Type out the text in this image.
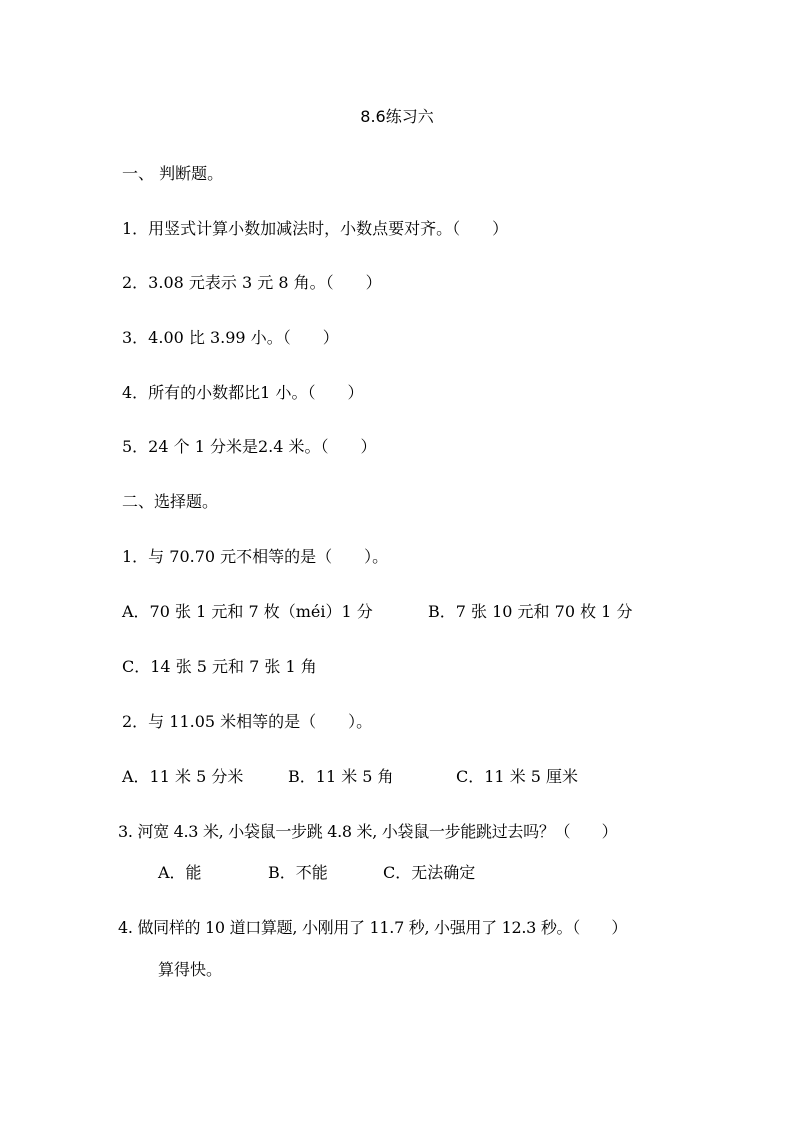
8.6练习六
一、 判断题。
1．用竖式计算小数加减法时，小数点要对齐。（　　）
2．3.08 元表示 3 元 8 角。（　　）
3．4.00 比 3.99 小。（　　）
4．所有的小数都比1 小。（　　）
5．24 个 1 分米是2.4 米。（　　）
二、选择题。
1．与 70.70 元不相等的是（　　）。
A．70 张 1 元和 7 枚（méi）1 分	B．7 张 10 元和 70 枚 1 分
C．14 张 5 元和 7 张 1 角
2．与 11.05 米相等的是（　　）。
A．11 米 5 分米	B．11 米 5 角	C．11 米 5 厘米
3. 河宽 4.3 米, 小袋鼠一步跳 4.8 米, 小袋鼠一步能跳过去吗？（　　）
A．能	B．不能	C．无法确定
4. 做同样的 10 道口算题, 小刚用了 11.7 秒, 小强用了 12.3 秒。（　　）
算得快。
